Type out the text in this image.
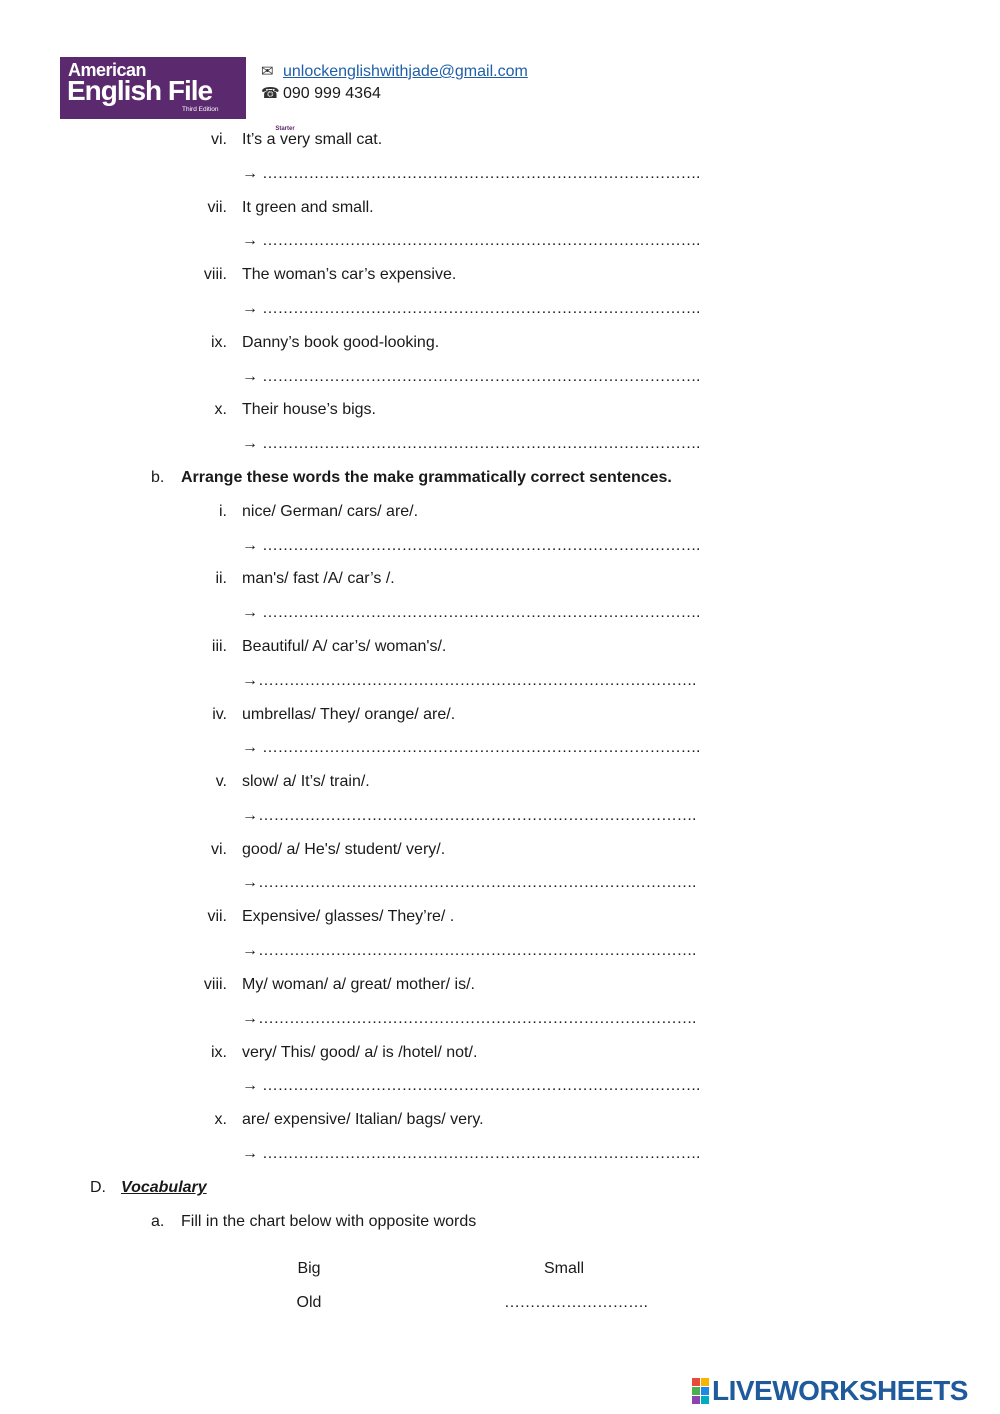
American
English File
Third Edition
Starter
✉ unlockenglishwithjade@gmail.com
☎ 090 999 4364
vi. It’s a very small cat.
→ ………………………………………………………………………….
vii. It green and small.
→ ………………………………………………………………………….
viii. The woman’s car’s expensive.
→ ………………………………………………………………………….
ix. Danny’s book good-looking.
→ ………………………………………………………………………….
x. Their house’s bigs.
→ ………………………………………………………………………….
b. Arrange these words the make grammatically correct sentences.
i. nice/ German/ cars/ are/.
→ ………………………………………………………………………….
ii. man's/ fast /A/ car’s /.
→ ………………………………………………………………………….
iii. Beautiful/ A/ car’s/ woman's/.
→………………………………………………………………………….
iv. umbrellas/ They/ orange/ are/.
→ ………………………………………………………………………….
v. slow/ a/ It’s/ train/.
→………………………………………………………………………….
vi. good/ a/ He's/ student/ very/.
→………………………………………………………………………….
vii. Expensive/ glasses/ They’re/ .
→………………………………………………………………………….
viii. My/ woman/ a/ great/ mother/ is/.
→………………………………………………………………………….
ix. very/ This/ good/ a/ is /hotel/ not/.
→ ………………………………………………………………………….
x. are/ expensive/ Italian/ bags/ very.
→ ………………………………………………………………………….
D. Vocabulary
a. Fill in the chart below with opposite words
Big	Small
Old	……………………….
LIVEWORKSHEETS
